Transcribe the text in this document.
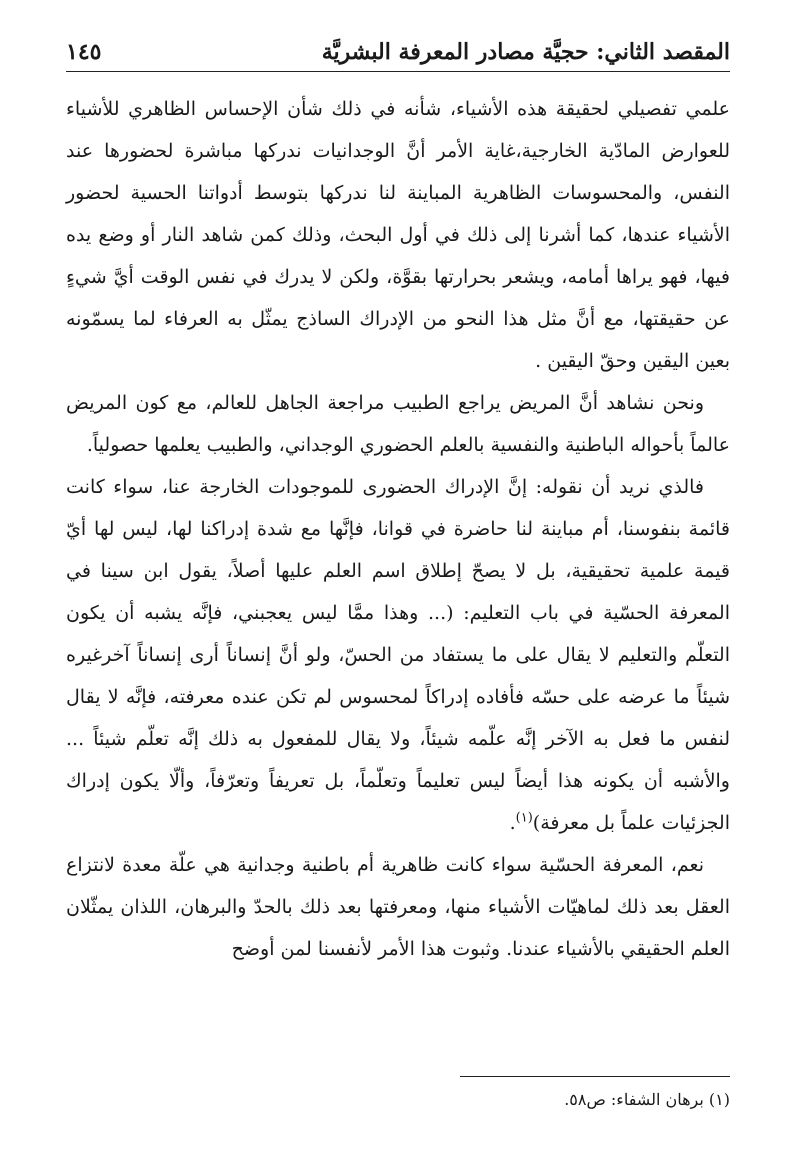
المقصد الثاني: حجيَّة مصادر المعرفة البشريَّة
١٤٥

علمي تفصيلي لحقيقة هذه الأشياء، شأنه في ذلك شأن الإحساس الظاهري للأشياء للعوارض المادّية الخارجية،غاية الأمر أنَّ الوجدانيات ندركها مباشرة لحضورها عند النفس، والمحسوسات الظاهرية المباينة لنا ندركها بتوسط أدواتنا الحسية لحضور الأشياء عندها، كما أشرنا إلى ذلك في أول البحث، وذلك كمن شاهد النار أو وضع يده فيها، فهو يراها أمامه، ويشعر بحرارتها بقوَّة، ولكن لا يدرك في نفس الوقت أيَّ شيءٍ عن حقيقتها، مع أنَّ مثل هذا النحو من الإدراك الساذج يمثّل به العرفاء لما يسمّونه بعين اليقين وحقّ اليقين .

ونحن نشاهد أنَّ المريض يراجع الطبيب مراجعة الجاهل للعالم، مع كون المريض عالماً بأحواله الباطنية والنفسية بالعلم الحضوري الوجداني، والطبيب يعلمها حصولياً.

فالذي نريد أن نقوله: إنَّ الإدراك الحضورى للموجودات الخارجة عنا، سواء كانت قائمة بنفوسنا، أم مباينة لنا حاضرة في قوانا، فإنَّها مع شدة إدراكنا لها، ليس لها أيّ قيمة علمية تحقيقية، بل لا يصحّ إطلاق اسم العلم عليها أصلاً، يقول ابن سينا في المعرفة الحسّية في باب التعليم: (... وهذا ممَّا ليس يعجبني، فإنَّه يشبه أن يكون التعلّم والتعليم لا يقال على ما يستفاد من الحسّ، ولو أنَّ إنساناً أرى إنساناً آخرغيره شيئاً ما عرضه على حسّه فأفاده إدراكاً لمحسوس لم تكن عنده معرفته، فإنَّه لا يقال لنفس ما فعل به الآخر إنَّه علّمه شيئاً، ولا يقال للمفعول به ذلك إنَّه تعلّم شيئاً ... والأشبه أن يكونه هذا أيضاً ليس تعليماً وتعلّماً، بل تعريفاً وتعرّفاً، وألّا يكون إدراك الجزئيات علماً بل معرفة)$^{(١)}$.

نعم، المعرفة الحسّية سواء كانت ظاهرية أم باطنية وجدانية هي علّة معدة لانتزاع العقل بعد ذلك لماهيّات الأشياء منها، ومعرفتها بعد ذلك بالحدّ والبرهان، اللذان يمثّلان العلم الحقيقي بالأشياء عندنا. وثبوت هذا الأمر لأنفسنا لمن أوضح

(١) برهان الشفاء: ص٥٨.
